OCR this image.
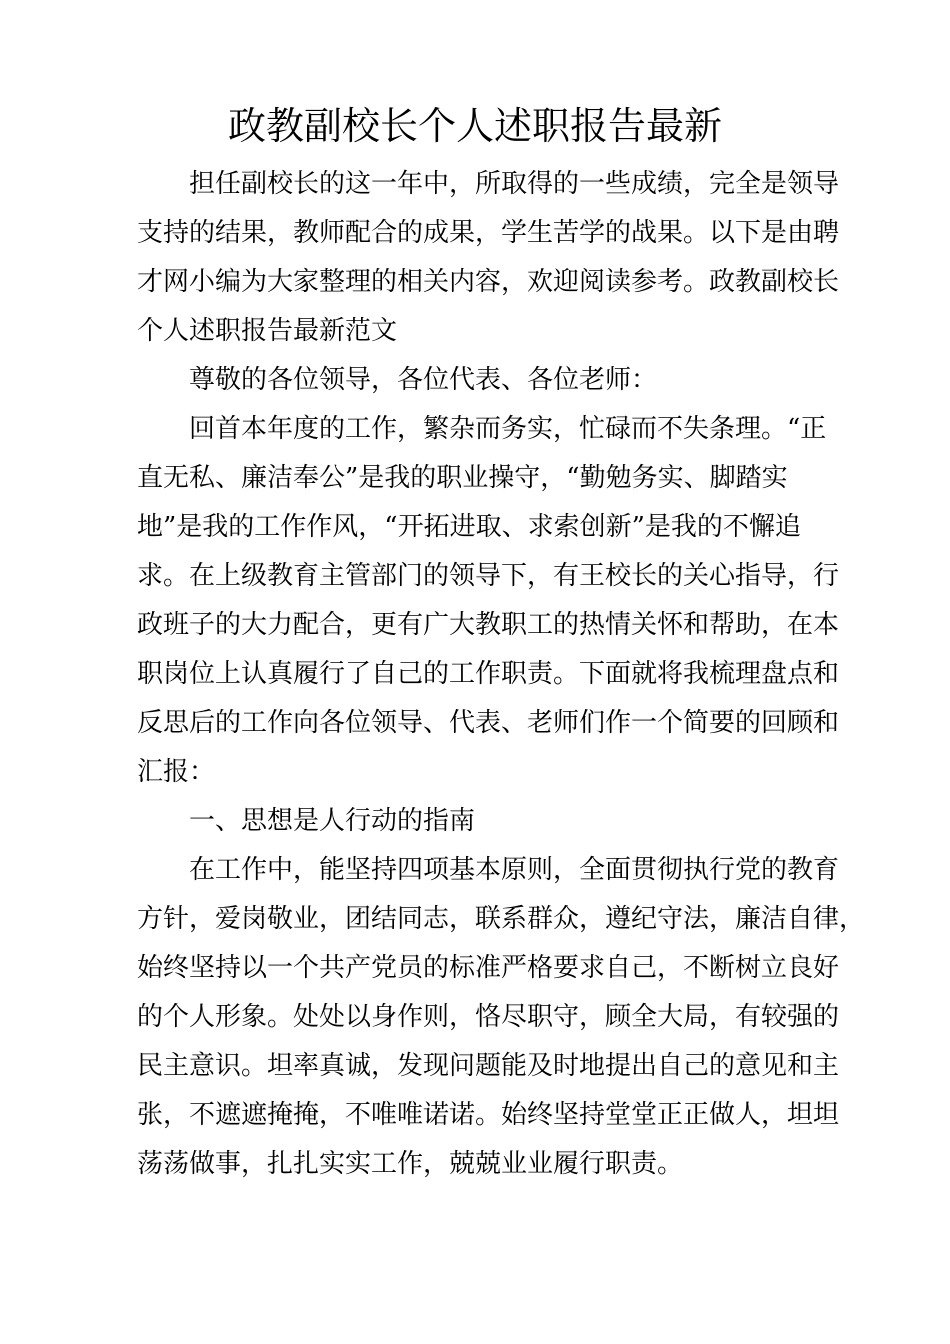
政教副校长个人述职报告最新
担任副校长的这一年中，所取得的一些成绩，完全是领导
支持的结果，教师配合的成果，学生苦学的战果。以下是由聘
才网小编为大家整理的相关内容，欢迎阅读参考。政教副校长
个人述职报告最新范文
尊敬的各位领导，各位代表、各位老师：
回首本年度的工作，繁杂而务实，忙碌而不失条理。“正
直无私、廉洁奉公”是我的职业操守，“勤勉务实、脚踏实
地”是我的工作作风，“开拓进取、求索创新”是我的不懈追
求。在上级教育主管部门的领导下，有王校长的关心指导，行
政班子的大力配合，更有广大教职工的热情关怀和帮助，在本
职岗位上认真履行了自己的工作职责。下面就将我梳理盘点和
反思后的工作向各位领导、代表、老师们作一个简要的回顾和
汇报：
一、思想是人行动的指南
在工作中，能坚持四项基本原则，全面贯彻执行党的教育
方针，爱岗敬业，团结同志，联系群众，遵纪守法，廉洁自律，
始终坚持以一个共产党员的标准严格要求自己，不断树立良好
的个人形象。处处以身作则，恪尽职守，顾全大局，有较强的
民主意识。坦率真诚，发现问题能及时地提出自己的意见和主
张，不遮遮掩掩，不唯唯诺诺。始终坚持堂堂正正做人，坦坦
荡荡做事，扎扎实实工作，兢兢业业履行职责。
